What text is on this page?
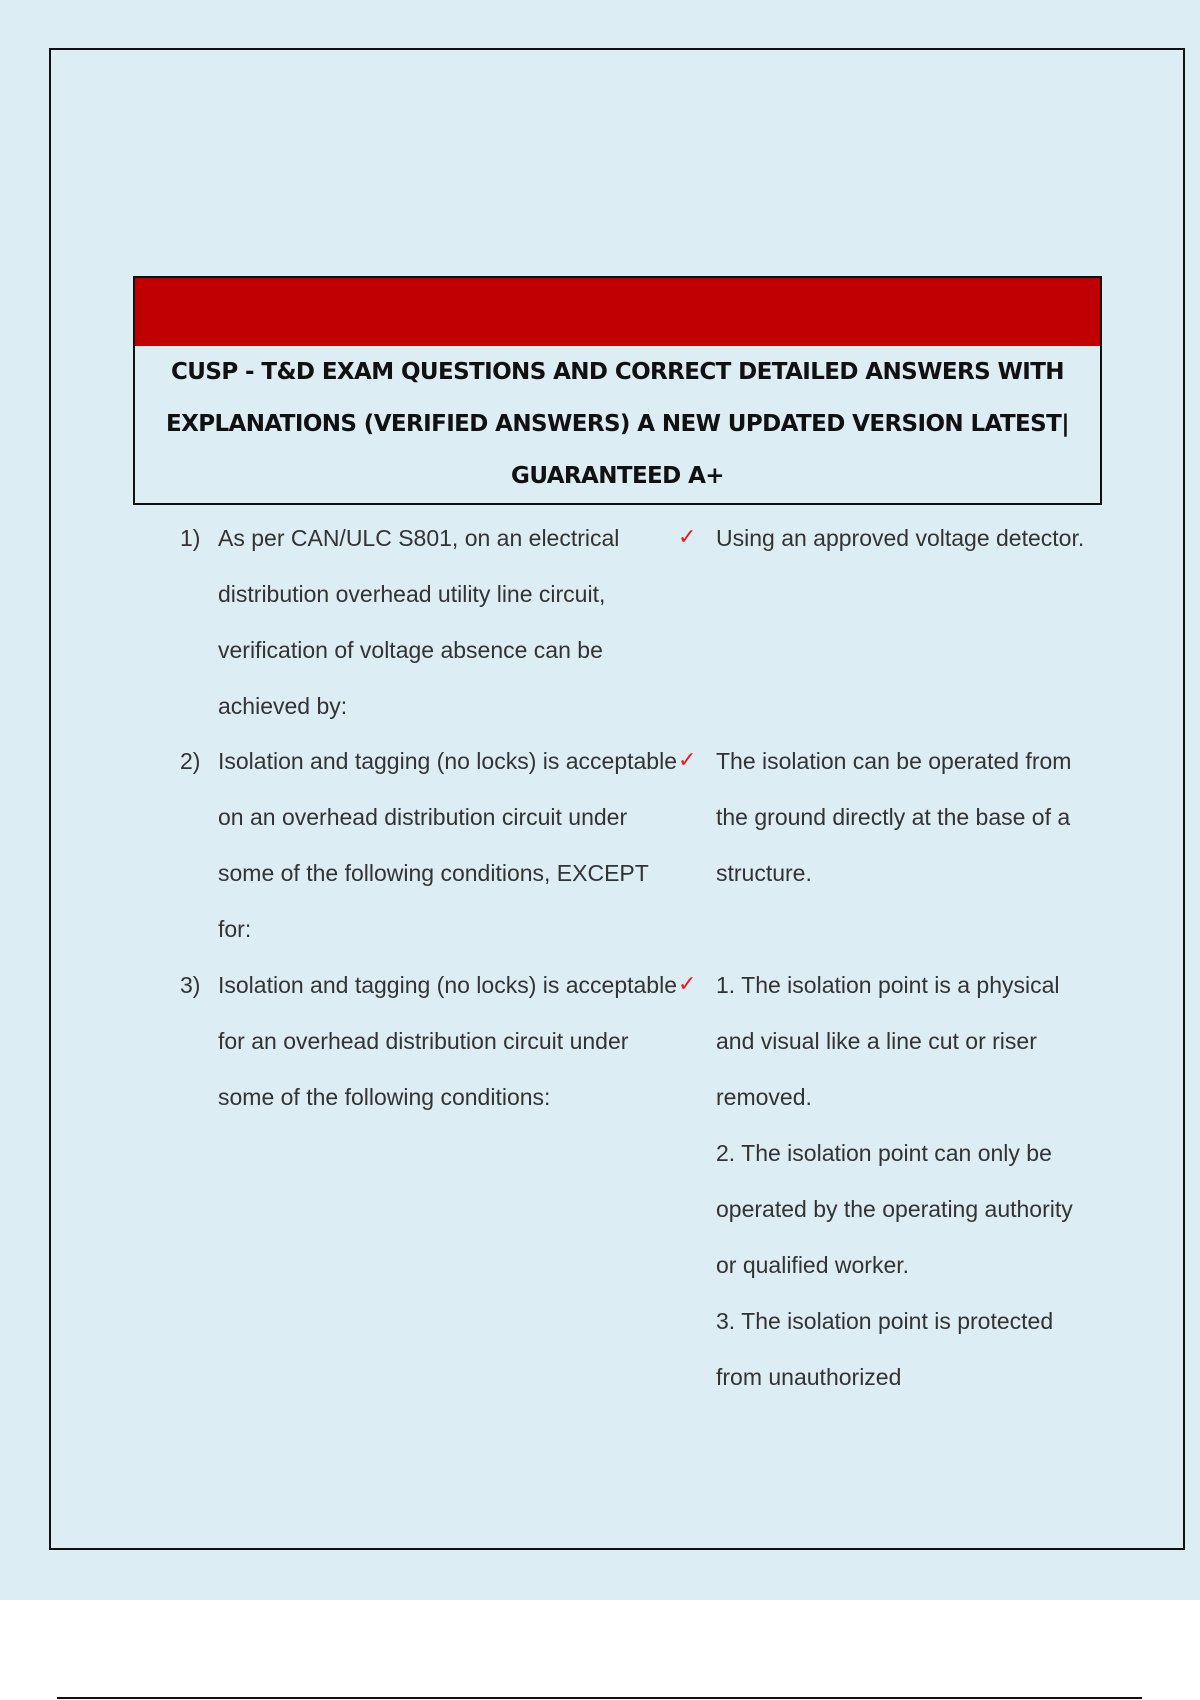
CUSP - T&D EXAM QUESTIONS AND CORRECT DETAILED ANSWERS WITH
EXPLANATIONS (VERIFIED ANSWERS) A NEW UPDATED VERSION LATEST|
GUARANTEED A+
1) As per CAN/ULC S801, on an electrical distribution overhead utility line circuit, verification of voltage absence can be achieved by:
✓ Using an approved voltage detector.
2) Isolation and tagging (no locks) is acceptable on an overhead distribution circuit under some of the following conditions, EXCEPT for:
✓ The isolation can be operated from the ground directly at the base of a structure.
3) Isolation and tagging (no locks) is acceptable for an overhead distribution circuit under some of the following conditions:
✓ 1. The isolation point is a physical and visual like a line cut or riser removed.
2. The isolation point can only be operated by the operating authority or qualified worker.
3. The isolation point is protected from unauthorized
